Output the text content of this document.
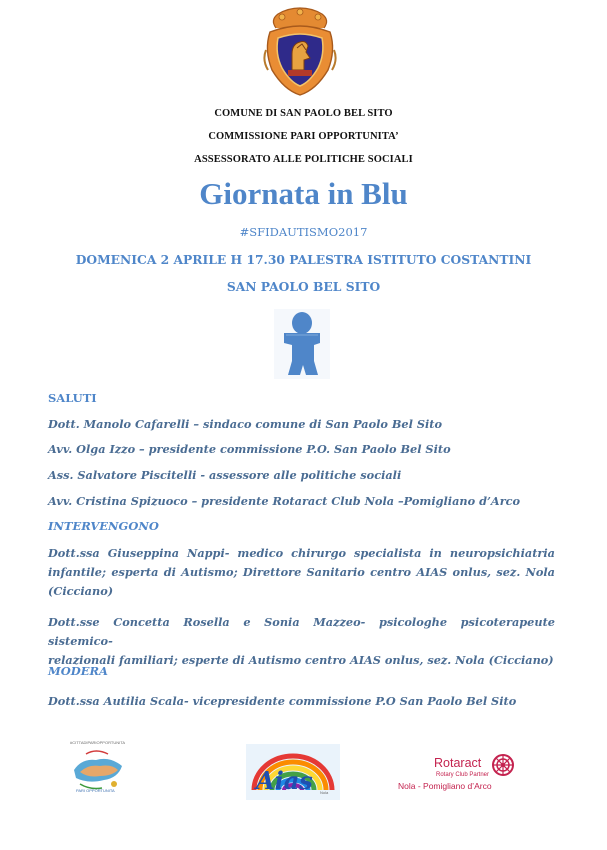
COMUNE DI SAN PAOLO BEL SITO
COMMISSIONE PARI OPPORTUNITA’
ASSESSORATO ALLE POLITICHE SOCIALI
Giornata in Blu
#SFIDAUTISMO2017
DOMENICA 2 APRILE H 17.30 PALESTRA ISTITUTO COSTANTINI
SAN PAOLO BEL SITO
SALUTI
Dott. Manolo Cafarelli – sindaco comune di San Paolo Bel Sito
Avv. Olga Izzo – presidente commissione P.O. San Paolo Bel Sito
Ass. Salvatore Piscitelli - assessore alle politiche sociali
Avv. Cristina Spizuoco – presidente Rotaract Club Nola –Pomigliano d’Arco
INTERVENGONO
Dott.ssa Giuseppina Nappi- medico chirurgo specialista in neuropsichiatria
infantile; esperta di Autismo; Direttore Sanitario centro AIAS onlus, sez. Nola
(Cicciano)
Dott.sse Concetta Rosella e Sonia Mazzeo- psicologhe psicoterapeute sistemico-
relazionali familiari; esperte di Autismo centro AIAS onlus, sez. Nola (Cicciano)
MODERA
Dott.ssa Autilia Scala- vicepresidente commissione P.O San Paolo Bel Sito
#CITTADIPARIOPPORTUNITA
PARI OPPORTUNITA	Aias Nola
Rotaract
Rotary Club Partner
Nola - Pomigliano d’Arco
